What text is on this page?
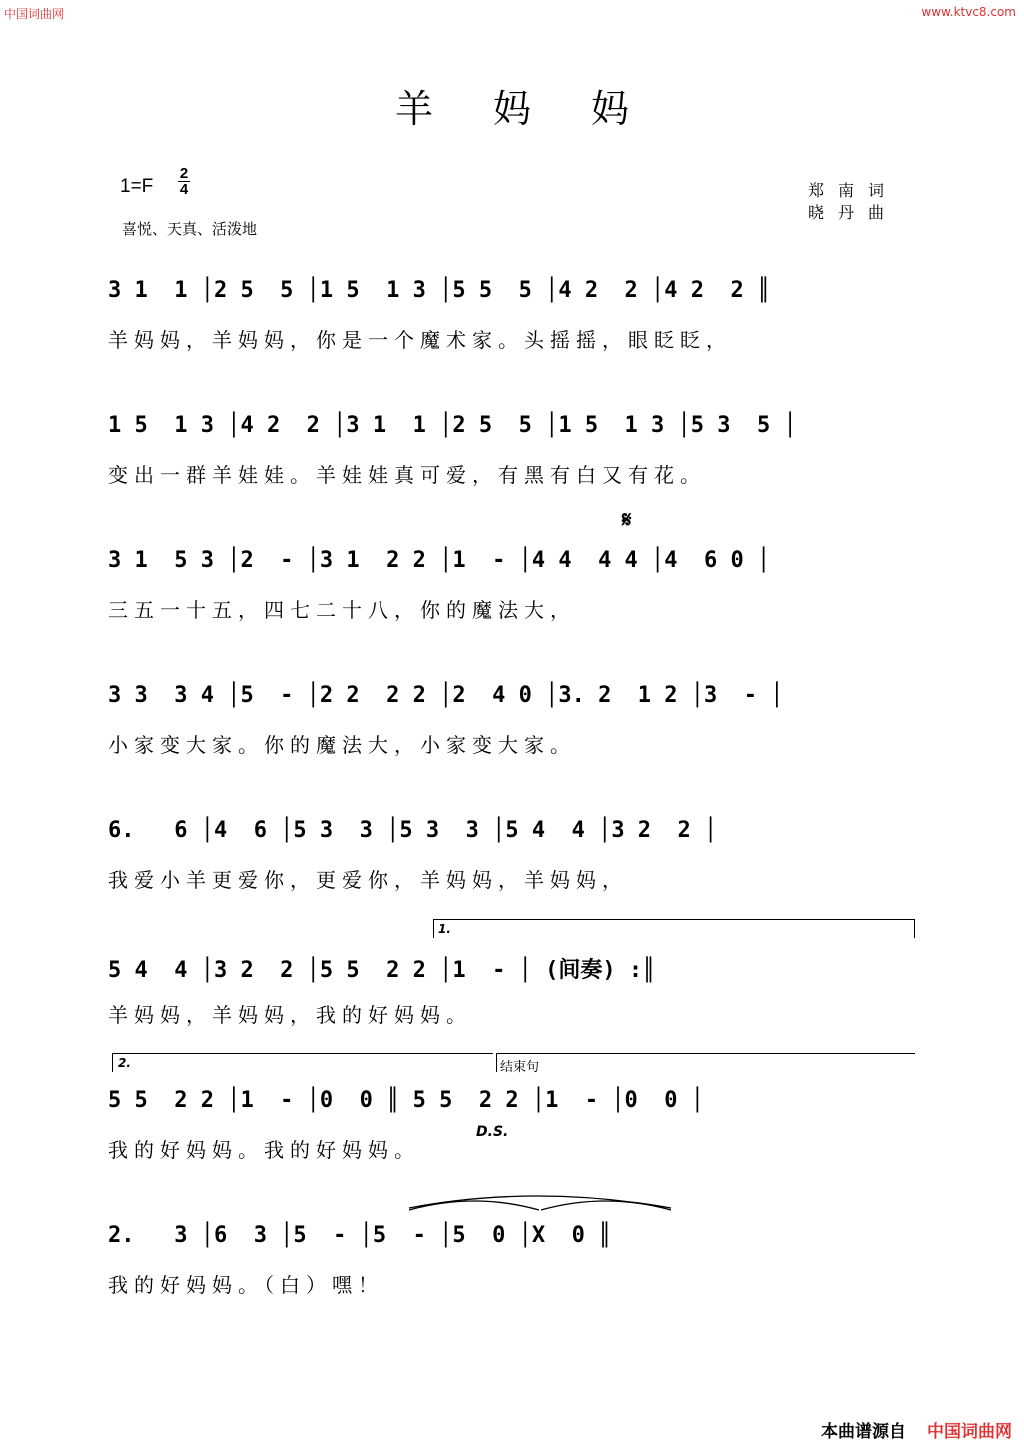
中国词曲网	www.ktvc8.com
羊妈妈
1=F
2
4
喜悦、天真、活泼地
郑南词
晓丹曲
3 1  1 │2 5  5 │1 5  1 3 │5 5  5 │4 2  2 │4 2  2 ║
羊妈妈，羊妈妈，你是一个魔术家。头摇摇，眼眨眨，
1 5  1 3 │4 2  2 │3 1  1 │2 5  5 │1 5  1 3 │5 3  5 │
变出一群羊娃娃。羊娃娃真可爱，有黑有白又有花。
𝄋
3 1  5 3 │2  - │3 1  2 2 │1  - │4 4  4 4 │4  6 0 │
三五一十五，四七二十八，你的魔法大，
3 3  3 4 │5  - │2 2  2 2 │2  4 0 │3. 2  1 2 │3  - │
小家变大家。你的魔法大，小家变大家。
6.   6 │4  6 │5 3  3 │5 3  3 │5 4  4 │3 2  2 │
我爱小羊更爱你，更爱你，羊妈妈，羊妈妈，
1.
5 4  4 │3 2  2 │5 5  2 2 │1  - │ (间奏) :║
羊妈妈，羊妈妈，我的好妈妈。
2.	结束句
5 5  2 2 │1  - │0  0 ║ 5 5  2 2 │1  - │0  0 │
我的好妈妈。我的好妈妈。
D.S.
2.   3 │6  3 │5  - │5  - │5  0 │X  0 ║
我的好妈妈。（白）嘿！
本曲谱源自 中国词曲网
